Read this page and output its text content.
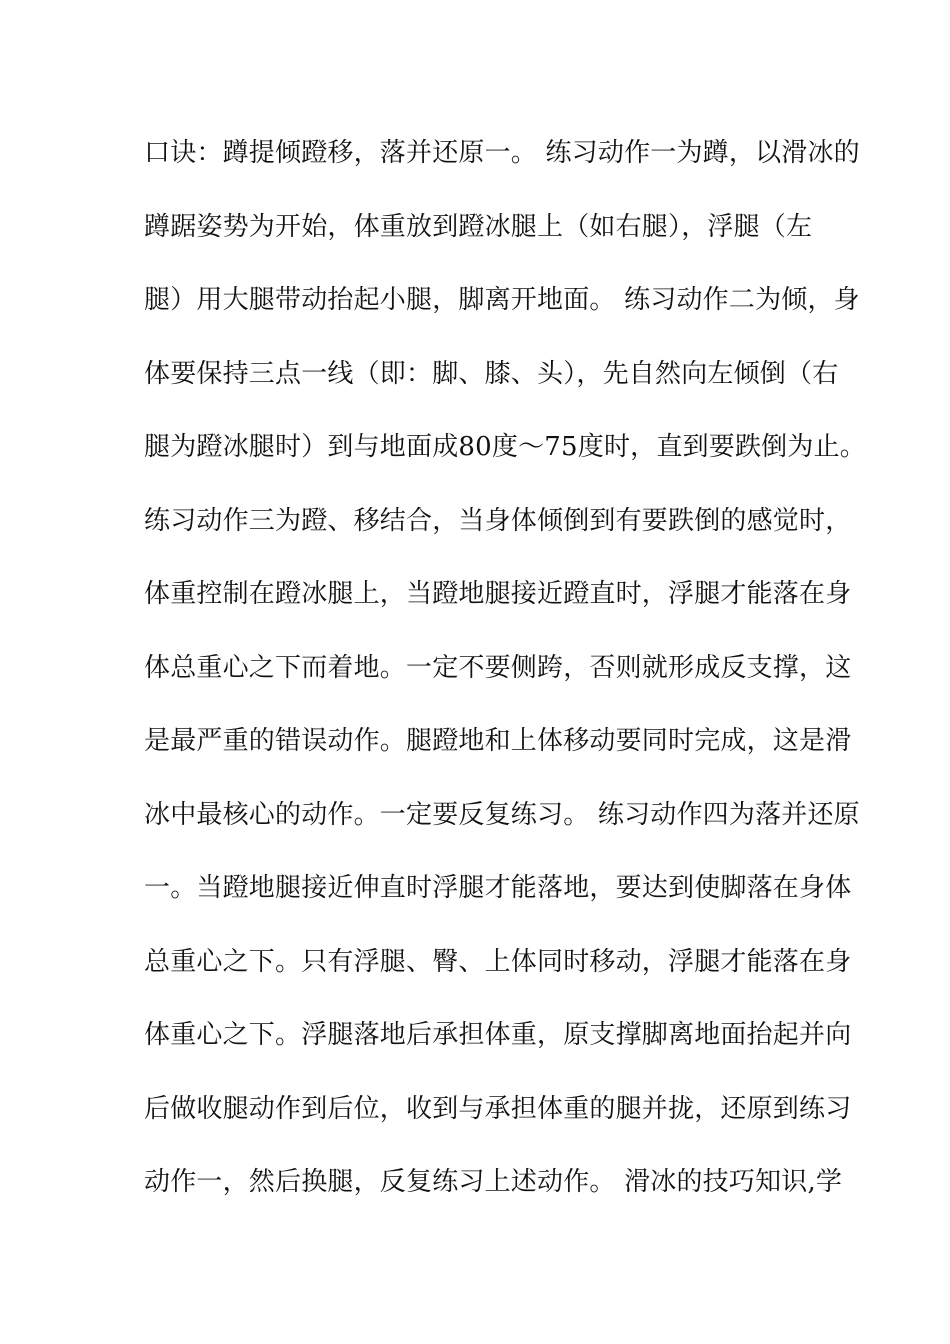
口诀：蹲提倾蹬移，落并还原一。 练习动作一为蹲，以滑冰的
蹲踞姿势为开始，体重放到蹬冰腿上（如右腿），浮腿（左
腿）用大腿带动抬起小腿，脚离开地面。 练习动作二为倾，身
体要保持三点一线（即：脚、膝、头），先自然向左倾倒（右
腿为蹬冰腿时）到与地面成80度～75度时，直到要跌倒为止。
练习动作三为蹬、移结合，当身体倾倒到有要跌倒的感觉时，
体重控制在蹬冰腿上，当蹬地腿接近蹬直时，浮腿才能落在身
体总重心之下而着地。一定不要侧跨，否则就形成反支撑，这
是最严重的错误动作。腿蹬地和上体移动要同时完成，这是滑
冰中最核心的动作。一定要反复练习。 练习动作四为落并还原
一。当蹬地腿接近伸直时浮腿才能落地，要达到使脚落在身体
总重心之下。只有浮腿、臀、上体同时移动，浮腿才能落在身
体重心之下。浮腿落地后承担体重，原支撑脚离地面抬起并向
后做收腿动作到后位，收到与承担体重的腿并拢，还原到练习
动作一，然后换腿，反复练习上述动作。 滑冰的技巧知识,学
